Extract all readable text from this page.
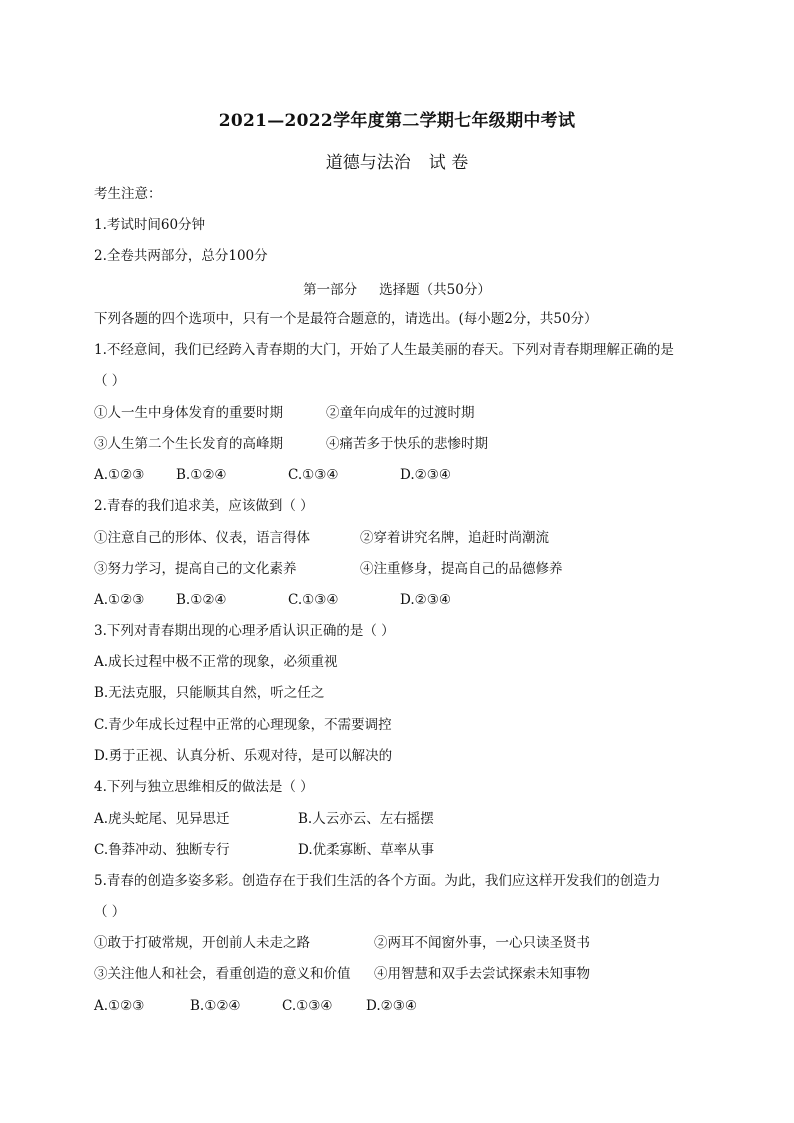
2021—2022学年度第二学期七年级期中考试
道德与法治 试 卷
考生注意：
1.考试时间60分钟
2.全卷共两部分，总分100分
第一部分 选择题（共50分）
下列各题的四个选项中，只有一个是最符合题意的，请选出。(每小题2分，共50分）
1.不经意间，我们已经跨入青春期的大门，开始了人生最美丽的春天。下列对青春期理解正确的是
（ ）
①人一生中身体发育的重要时期	②童年向成年的过渡时期
③人生第二个生长发育的高峰期	④痛苦多于快乐的悲惨时期
A.①②③ B.①②④	C.①③④	D.②③④
2.青春的我们追求美，应该做到（ ）
①注意自己的形体、仪表，语言得体	②穿着讲究名牌，追赶时尚潮流
③努力学习，提高自己的文化素养	④注重修身，提高自己的品德修养
A.①②③ B.①②④	C.①③④	D.②③④
3.下列对青春期出现的心理矛盾认识正确的是（ ）
A.成长过程中极不正常的现象，必须重视
B.无法克服，只能顺其自然，听之任之
C.青少年成长过程中正常的心理现象，不需要调控
D.勇于正视、认真分析、乐观对待，是可以解决的
4.下列与独立思维相反的做法是（ ）
A.虎头蛇尾、见异思迁	B.人云亦云、左右摇摆
C.鲁莽冲动、独断专行	D.优柔寡断、草率从事
5.青春的创造多姿多彩。创造存在于我们生活的各个方面。为此，我们应这样开发我们的创造力
（ ）
①敢于打破常规，开创前人未走之路	②两耳不闻窗外事，一心只读圣贤书
③关注他人和社会，看重创造的意义和价值 ④用智慧和双手去尝试探索未知事物
A.①②③	B.①②④	C.①③④ D.②③④
